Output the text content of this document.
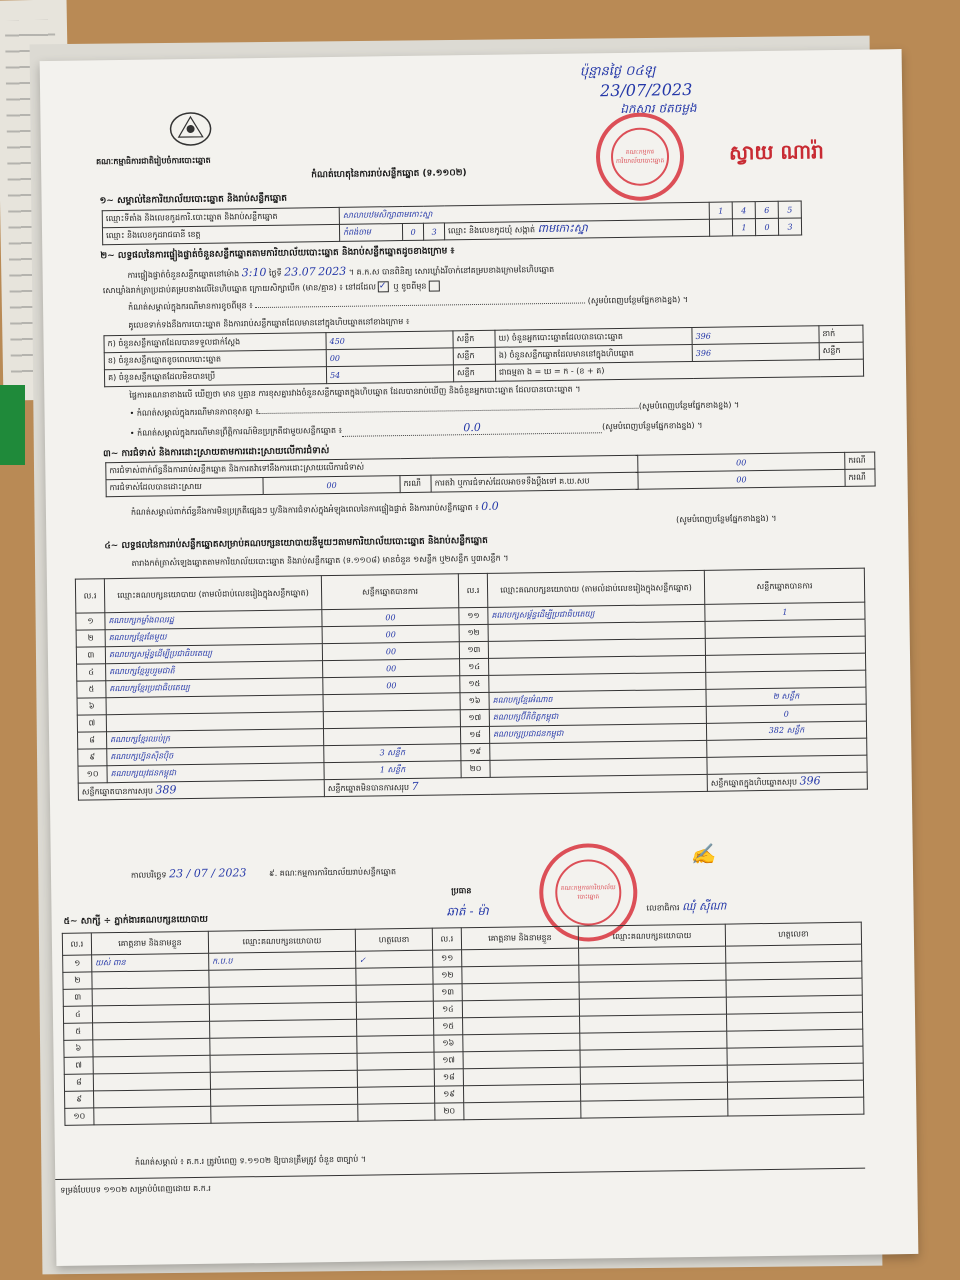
គណៈកម្មាធិការជាតិរៀបចំការបោះឆ្នោត
កំណត់ហេតុនៃការរាប់សន្លឹកឆ្នោត (ទ.១១០២)
ប៉ុន្មានថ្ងៃ ០៤ឡ
23/07/2023
ឯកសារ ថតចម្លង
ស្វាយ ណារ៉ា
គណៈកម្មការការិយាល័យបោះឆ្នោត
១~ សម្គាល់នៃការិយាល័យបោះឆ្នោត និងរាប់សន្លឹកឆ្នោត
ឈ្មោះទីតាំង និងលេខកូដការិ.បោះឆ្នោត និងរាប់សន្លឹកឆ្នោត	សាលាបឋមសិក្សាពាមកោះស្នា				1	4	6	5
ឈ្មោះ និងលេខកូដរាជធានី ខេត្ត	កំពង់ចាម	0	3	ឈ្មោះ និងលេខកូដឃុំ សង្កាត់ ពាមកោះស្នា		1	0	3
២~ លទ្ធផលនៃការផ្ទៀងផ្ទាត់ចំនួនសន្លឹកឆ្នោតតាមការិយាល័យបោះឆ្នោត និងរាប់សន្លឹកឆ្នោតដូចខាងក្រោម ៖
ការផ្ទៀងផ្ទាត់ចំនួនសន្លឹកឆ្នោតនៅម៉ោង 3:10 ថ្ងៃទី 23.07 2023 ។ គ.ក.ស បានពិនិត្យ សោរឃ្លាំងរីចាក់នៅគម្របខាងក្រោមនៃហិបឆ្នោត
សោឃ្លាំងរាក់ត្រាប្រដាប់គម្របខាងលើនៃហិបឆ្នោត ក្រោយសិក្សាបើក (មាន/គ្មាន) ៖ នៅដដែល ✓ ឬ ខូចពីមុន
កំណត់សម្គាល់ក្នុងករណីមានការខូចពីមុន ៖  (សូមបំពេញបន្ថែមផ្នែកខាងខ្នង) ។
គូលេខទាក់ទងនឹងការបោះឆ្នោត និងការរាប់សន្លឹកឆ្នោតដែលមាននៅក្នុងហិបឆ្នោតនៅខាងក្រោម ៖
ក) ចំនួនសន្លឹកឆ្នោតដែលបានទទួលជាក់ស្តែង	450	សន្លឹក	ឃ) ចំនួនអ្នកបោះឆ្នោតដែលបានបោះឆ្នោត	396	នាក់
ខ) ចំនួនសន្លឹកឆ្នោតខូចពេលបោះឆ្នោត	00	សន្លឹក	ង) ចំនួនសន្លឹកឆ្នោតដែលមាននៅក្នុងហិបឆ្នោត	396	សន្លឹក
គ) ចំនួនសន្លឹកឆ្នោតដែលមិនបានប្រើ	54	សន្លឹក	ជាធម្មតា ង = ឃ = ក - (ខ + គ)		
ផ្ទៃការគណនាខាងលើ ឃើញថា មាន ឬគ្មាន ការខុសគ្នារវាងចំនួនសន្លឹកឆ្នោតក្នុងហិបឆ្នោត ដែលបានរាប់ឃើញ និងចំនួនអ្នកបោះឆ្នោត ដែលបានបោះឆ្នោត ។
• កំណត់សម្គាល់ក្នុងករណីមានភាពខុសគ្នា ៖(សូមបំពេញបន្ថែមផ្នែកខាងខ្នង) ។
• កំណត់សម្គាល់ក្នុងករណីមានព្រឹត្តិការណ៍មិនប្រក្រតីជាមួយសន្លឹកឆ្នោត ៖	0.0	(សូមបំពេញបន្ថែមផ្នែកខាងខ្នង) ។
៣~ ការជំទាស់ និងការដោះស្រាយតាមការដោះស្រាយលើការជំទាស់
ការជំទាស់ពាក់ព័ន្ធនឹងការរាប់សន្លឹកឆ្នោត និងការតវ៉ាទៅនឹងការដោះស្រាយលើការជំទាស់				00	ករណី
ការជំទាស់ដែលបានដោះស្រាយ	00	ករណី	ការតវ៉ា ឬការជំទាស់ដែលអាចទទឹងប្ដឹងទៅ គ.ឃ.សប	00	ករណី
កំណត់សម្គាល់ពាក់ព័ន្ធនឹងការមិនប្រក្រតីផ្សេងៗ ឬ/និងការជំទាស់ក្នុងអំឡុងពេលនៃការផ្ទៀងផ្ទាត់ និងការរាប់សន្លឹកឆ្នោត ៖ 0.0
(សូមបំពេញបន្ថែមផ្នែកខាងខ្នង) ។
៤~ លទ្ធផលនៃការរាប់សន្លឹកឆ្នោតសម្រាប់គណបក្សនយោបាយនីមួយៗតាមការិយាល័យបោះឆ្នោត និងរាប់សន្លឹកឆ្នោត
តារាងកត់ត្រាសំឡេងឆ្នោតតាមការិយាល័យបោះឆ្នោត និងរាប់សន្លឹកឆ្នោត (ទ.១១០៨) មានចំនួន ១សន្លឹក ឬ២សន្លឹក ឬ៣សន្លឹក ។
ល.រ	ឈ្មោះគណបក្សនយោបាយ (តាមលំដាប់លេខរៀងក្នុងសន្លឹកឆ្នោត)	សន្លឹកឆ្នោតបានការ	ល.រ	ឈ្មោះគណបក្សនយោបាយ (តាមលំដាប់លេខរៀងក្នុងសន្លឹកឆ្នោត)	សន្លឹកឆ្នោតបានការ
១	គណបក្សកម្លាំងពលរដ្ឋ	00	១១	គណបក្សសម្ព័ន្ធដើម្បីប្រជាធិបតេយ្យ	1
២	គណបក្សខ្មែរតែមួយ	00	១២		
៣	គណបក្សសម្ព័ន្ធដើម្បីប្រជាធិបតេយ្យ	00	១៣		
៤	គណបក្សខ្មែររួបរួមជាតិ	00	១៤		
៥	គណបក្សខ្មែរប្រជាធិបតេយ្យ	00	១៥		
៦			១៦	គណបក្សខ្មែរអំណាច	២ សន្លឹក
៧			១៧	គណបក្សប៊ីតិចិត្តកម្ពុជា	0
៨	គណបក្សខ្មែរឈប់ក្រ		១៨	គណបក្សប្រជាជនកម្ពុជា	382 សន្លឹក
៩	គណបក្សហ្វ៊ុនស៊ិនប៉ិច	3 សន្លឹក	១៩		
១០	គណបក្សយុវជនកម្ពុជា	1 សន្លឹក	២០		
សន្លឹកឆ្នោតបានការសរុប 389		សន្លឹកឆ្នោតមិនបានការសរុប 7			សន្លឹកឆ្នោតក្នុងហិបឆ្នោតសរុប 396
កាលបរិច្ឆេទ 23 / 07 / 2023	៩. គណៈកម្មការការិយាល័យរាប់សន្លឹកឆ្នោត
ប្រធាន
ឆាត់ - ម៉ា	លេខាធិការ ឈុំ សុីណា
គណៈកម្មការការិយាល័យបោះឆ្នោត
✍
៥~ សាក្សី ÷ ភ្នាក់ងារគណបក្សនយោបាយ
ល.រ	គោត្តនាម និងនាមខ្លួន	ឈ្មោះគណបក្សនយោបាយ	ហត្ថលេខា	ល.រ	គោត្តនាម និងនាមខ្លួន	ឈ្មោះគណបក្សនយោបាយ	ហត្ថលេខា
១	យស់ ពាន	ក.ប.ប	✓	១១			
២				១២			
៣				១៣			
៤				១៤			
៥				១៥			
៦				១៦			
៧				១៧			
៨				១៨			
៩				១៩			
១០				២០			
កំណត់សម្គាល់ ៖ គ.ក.រ ត្រូវបំពេញ ទ.១១០២ ឱ្យបានត្រឹមត្រូវ ចំនួន ៣ច្បាប់ ។
ទម្រង់បែបបទ ១១០២ សម្រាប់បំពេញដោយ គ.ក.រ
